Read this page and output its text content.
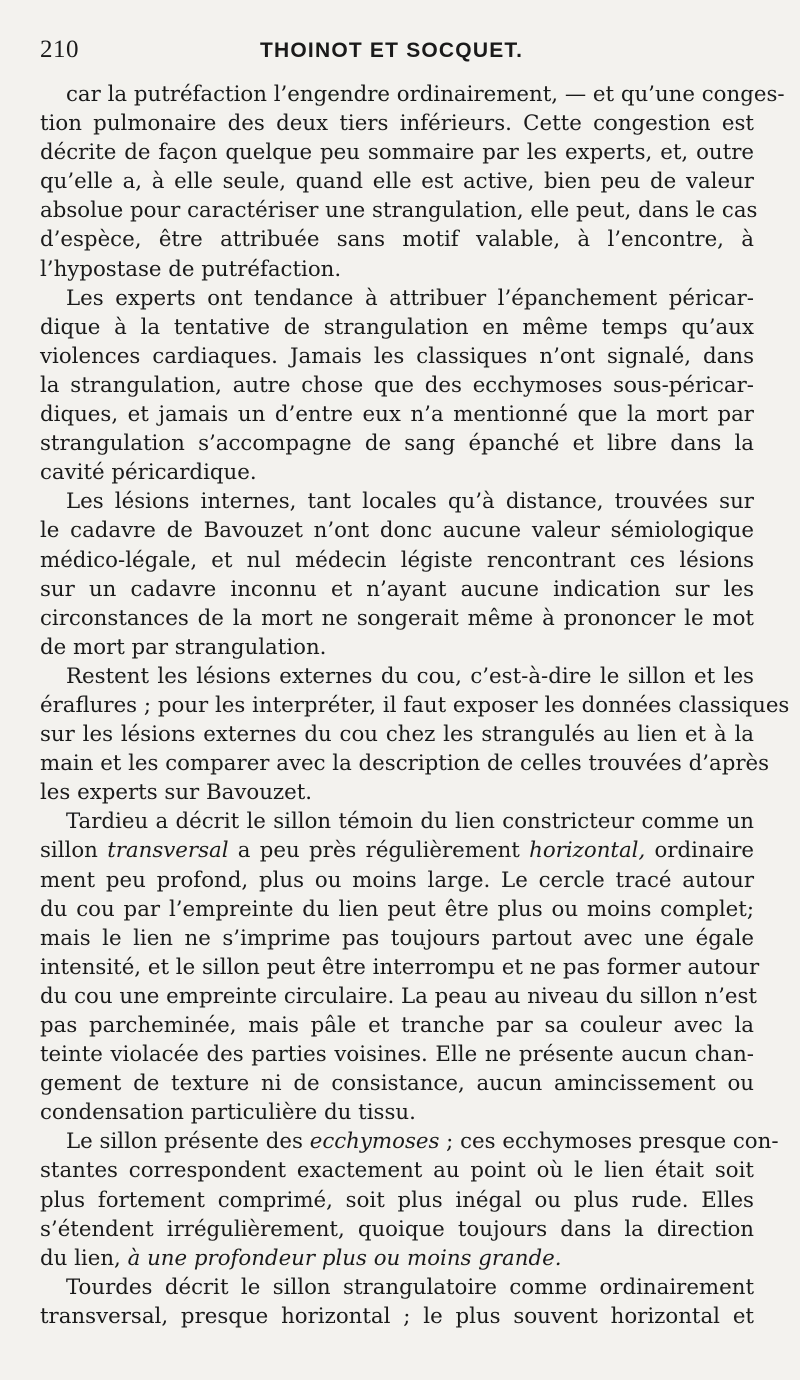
210	THOINOT ET SOCQUET.

car la putréfaction l’engendre ordinairement, — et qu’une conges-
tion pulmonaire des deux tiers inférieurs. Cette congestion est
décrite de façon quelque peu sommaire par les experts, et, outre
qu’elle a, à elle seule, quand elle est active, bien peu de valeur
absolue pour caractériser une strangulation, elle peut, dans le cas
d’espèce, être attribuée sans motif valable, à l’encontre, à
l’hypostase de putréfaction.

Les experts ont tendance à attribuer l’épanchement péricar-
dique à la tentative de strangulation en même temps qu’aux
violences cardiaques. Jamais les classiques n’ont signalé, dans
la strangulation, autre chose que des ecchymoses sous-péricar-
diques, et jamais un d’entre eux n’a mentionné que la mort par
strangulation s’accompagne de sang épanché et libre dans la
cavité péricardique.

Les lésions internes, tant locales qu’à distance, trouvées sur
le cadavre de Bavouzet n’ont donc aucune valeur sémiologique
médico-légale, et nul médecin légiste rencontrant ces lésions
sur un cadavre inconnu et n’ayant aucune indication sur les
circonstances de la mort ne songerait même à prononcer le mot
de mort par strangulation.

Restent les lésions externes du cou, c’est-à-dire le sillon et les
éraflures ; pour les interpréter, il faut exposer les données classiques
sur les lésions externes du cou chez les strangulés au lien et à la
main et les comparer avec la description de celles trouvées d’après
les experts sur Bavouzet.

Tardieu a décrit le sillon témoin du lien constricteur comme un
sillon transversal a peu près régulièrement horizontal, ordinaire
ment peu profond, plus ou moins large. Le cercle tracé autour
du cou par l’empreinte du lien peut être plus ou moins complet;
mais le lien ne s’imprime pas toujours partout avec une égale
intensité, et le sillon peut être interrompu et ne pas former autour
du cou une empreinte circulaire. La peau au niveau du sillon n’est
pas parcheminée, mais pâle et tranche par sa couleur avec la
teinte violacée des parties voisines. Elle ne présente aucun chan-
gement de texture ni de consistance, aucun amincissement ou
condensation particulière du tissu.

Le sillon présente des ecchymoses ; ces ecchymoses presque con-
stantes correspondent exactement au point où le lien était soit
plus fortement comprimé, soit plus inégal ou plus rude. Elles
s’étendent irrégulièrement, quoique toujours dans la direction
du lien, à une profondeur plus ou moins grande.

Tourdes décrit le sillon strangulatoire comme ordinairement
transversal, presque horizontal ; le plus souvent horizontal et
